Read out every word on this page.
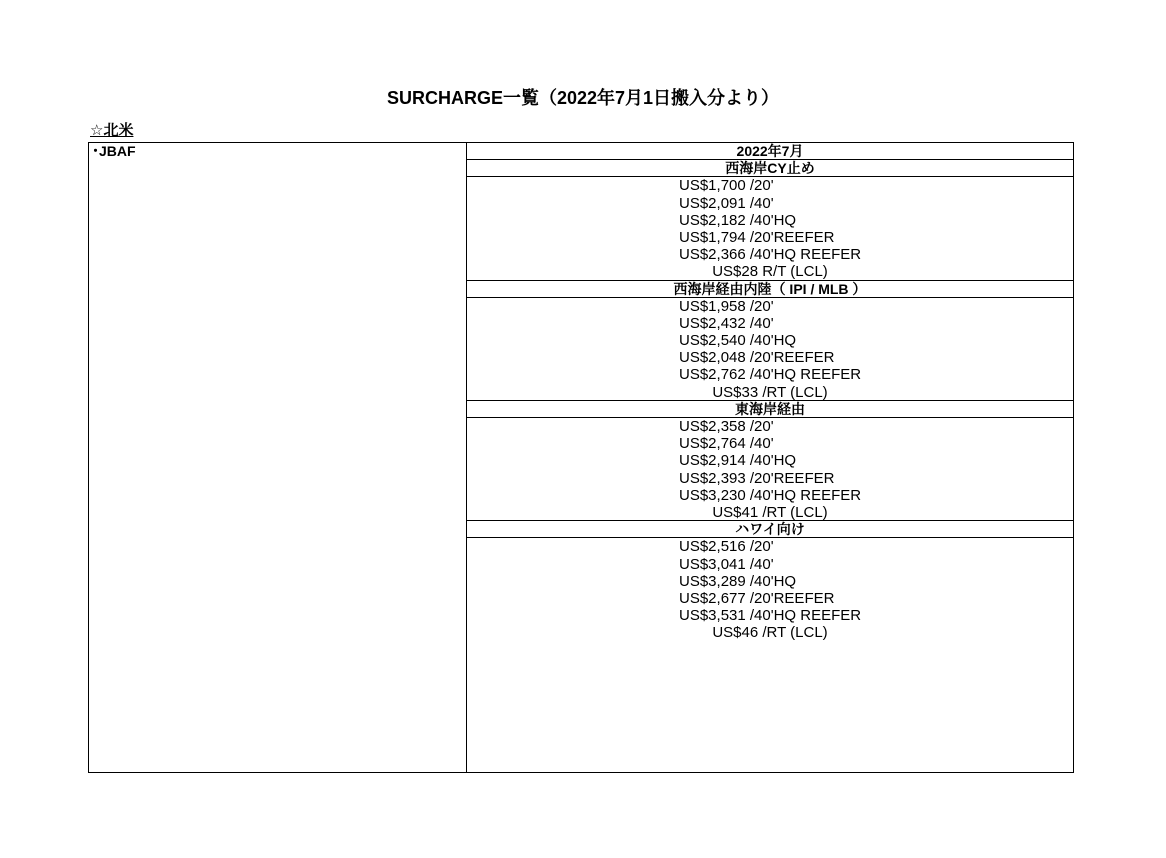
SURCHARGE一覧（2022年7月1日搬入分より）
☆北米
･JBAF	2022年7月
西海岸CY止め
US$1,700 /20'
US$2,091 /40'
US$2,182 /40'HQ
US$1,794 /20'REEFER
US$2,366 /40'HQ REEFER
US$28 R/T (LCL)
西海岸経由内陸（ IPI / MLB ）
US$1,958 /20'
US$2,432 /40'
US$2,540 /40'HQ
US$2,048 /20'REEFER
US$2,762 /40'HQ REEFER
US$33 /RT (LCL)
東海岸経由
US$2,358 /20'
US$2,764 /40'
US$2,914 /40'HQ
US$2,393 /20'REEFER
US$3,230 /40'HQ REEFER
US$41 /RT (LCL)
ハワイ向け
US$2,516 /20'
US$3,041 /40'
US$3,289 /40'HQ
US$2,677 /20'REEFER
US$3,531 /40'HQ REEFER
US$46 /RT (LCL)
